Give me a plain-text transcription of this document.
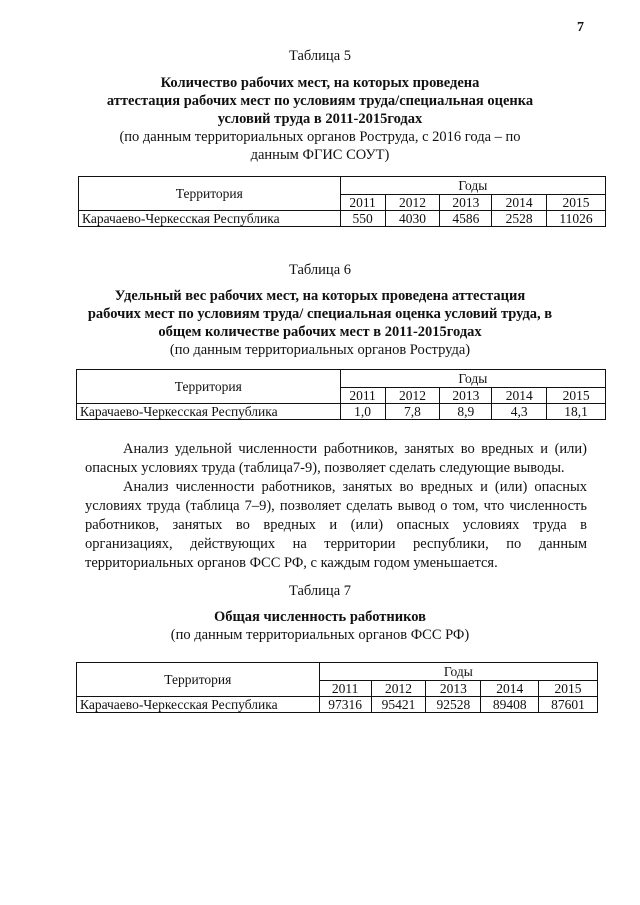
7
Таблица 5
Количество рабочих мест, на которых проведена
аттестация рабочих мест по условиям труда/специальная оценка
условий труда в 2011-2015годах
(по данным территориальных органов Роструда, с 2016 года – по
данным ФГИС СОУТ)
Территория	Годы				
	2011	2012	2013	2014	2015
Карачаево-Черкесская Республика	550	4030	4586	2528	11026
Таблица 6
Удельный вес рабочих мест, на которых проведена аттестация
рабочих мест по условиям труда/ специальная оценка условий труда, в
общем количестве рабочих мест в 2011-2015годах
(по данным территориальных органов Роструда)
Территория	Годы				
	2011	2012	2013	2014	2015
Карачаево-Черкесская Республика	1,0	7,8	8,9	4,3	18,1

Анализ удельной численности работников, занятых во вредных и (или) опасных условиях труда (таблица7-9), позволяет сделать следующие выводы.

Анализ численности работников, занятых во вредных и (или) опасных условиях труда (таблица 7–9), позволяет сделать вывод о том, что численность работников, занятых во вредных и (или) опасных условиях труда в организациях, действующих на территории республики, по данным территориальных органов ФСС РФ, с каждым годом уменьшается.

Таблица 7
Общая численность работников
(по данным территориальных органов ФСС РФ)
Территория	Годы				
	2011	2012	2013	2014	2015
Карачаево-Черкесская Республика	97316	95421	92528	89408	87601
